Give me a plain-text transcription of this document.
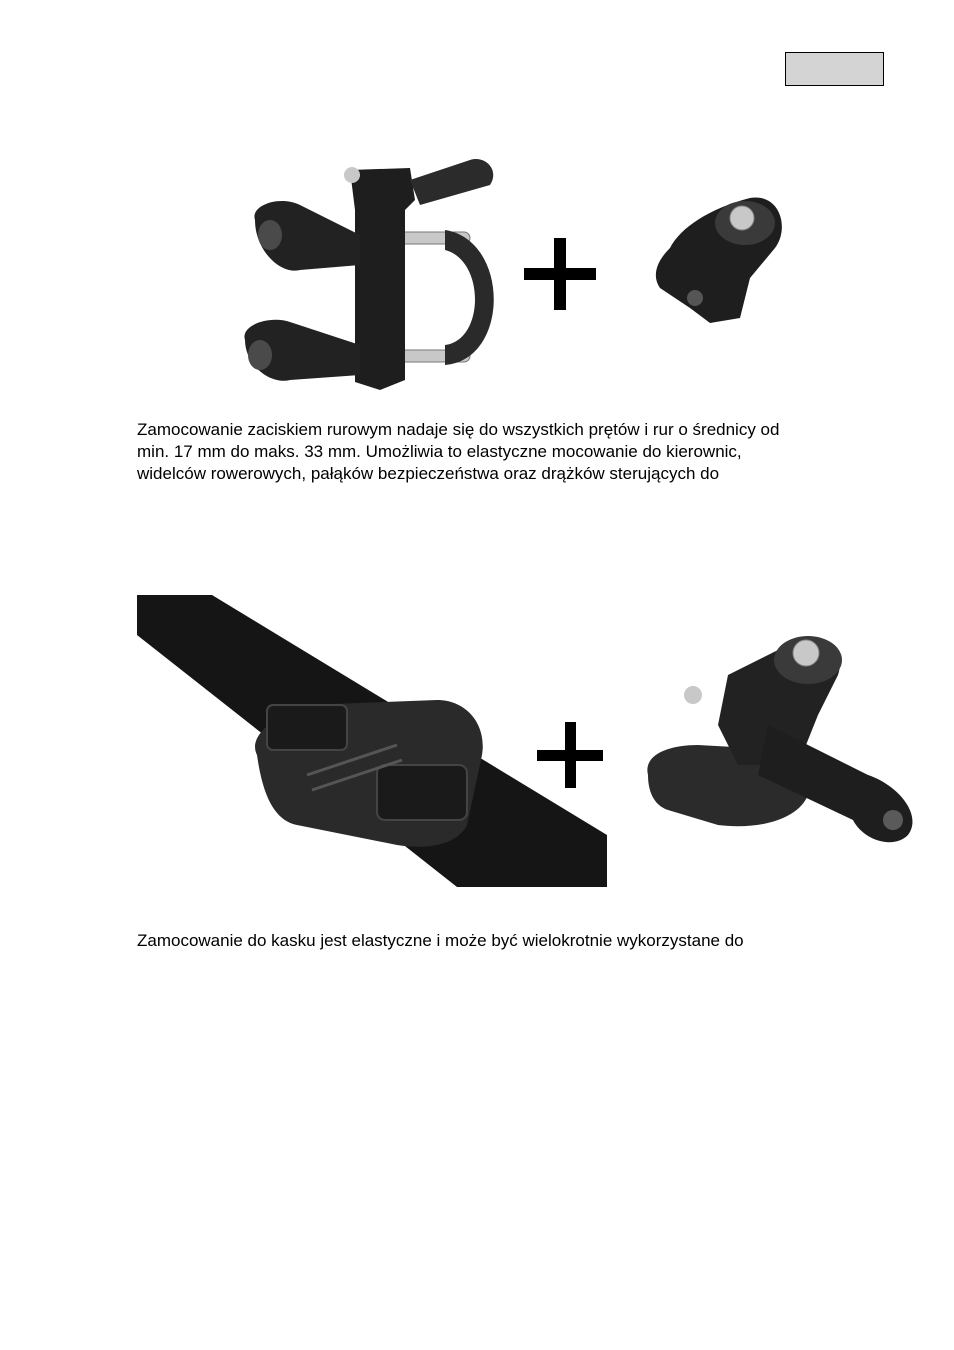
Zamocowanie zaciskiem rurowym nadaje się do wszystkich prętów i rur o średnicy od
min. 17 mm do maks. 33 mm. Umożliwia to elastyczne mocowanie do kierownic,
widelców rowerowych, pałąków bezpieczeństwa oraz drążków sterujących do

Zamocowanie do kasku jest elastyczne i może być wielokrotnie wykorzystane do
